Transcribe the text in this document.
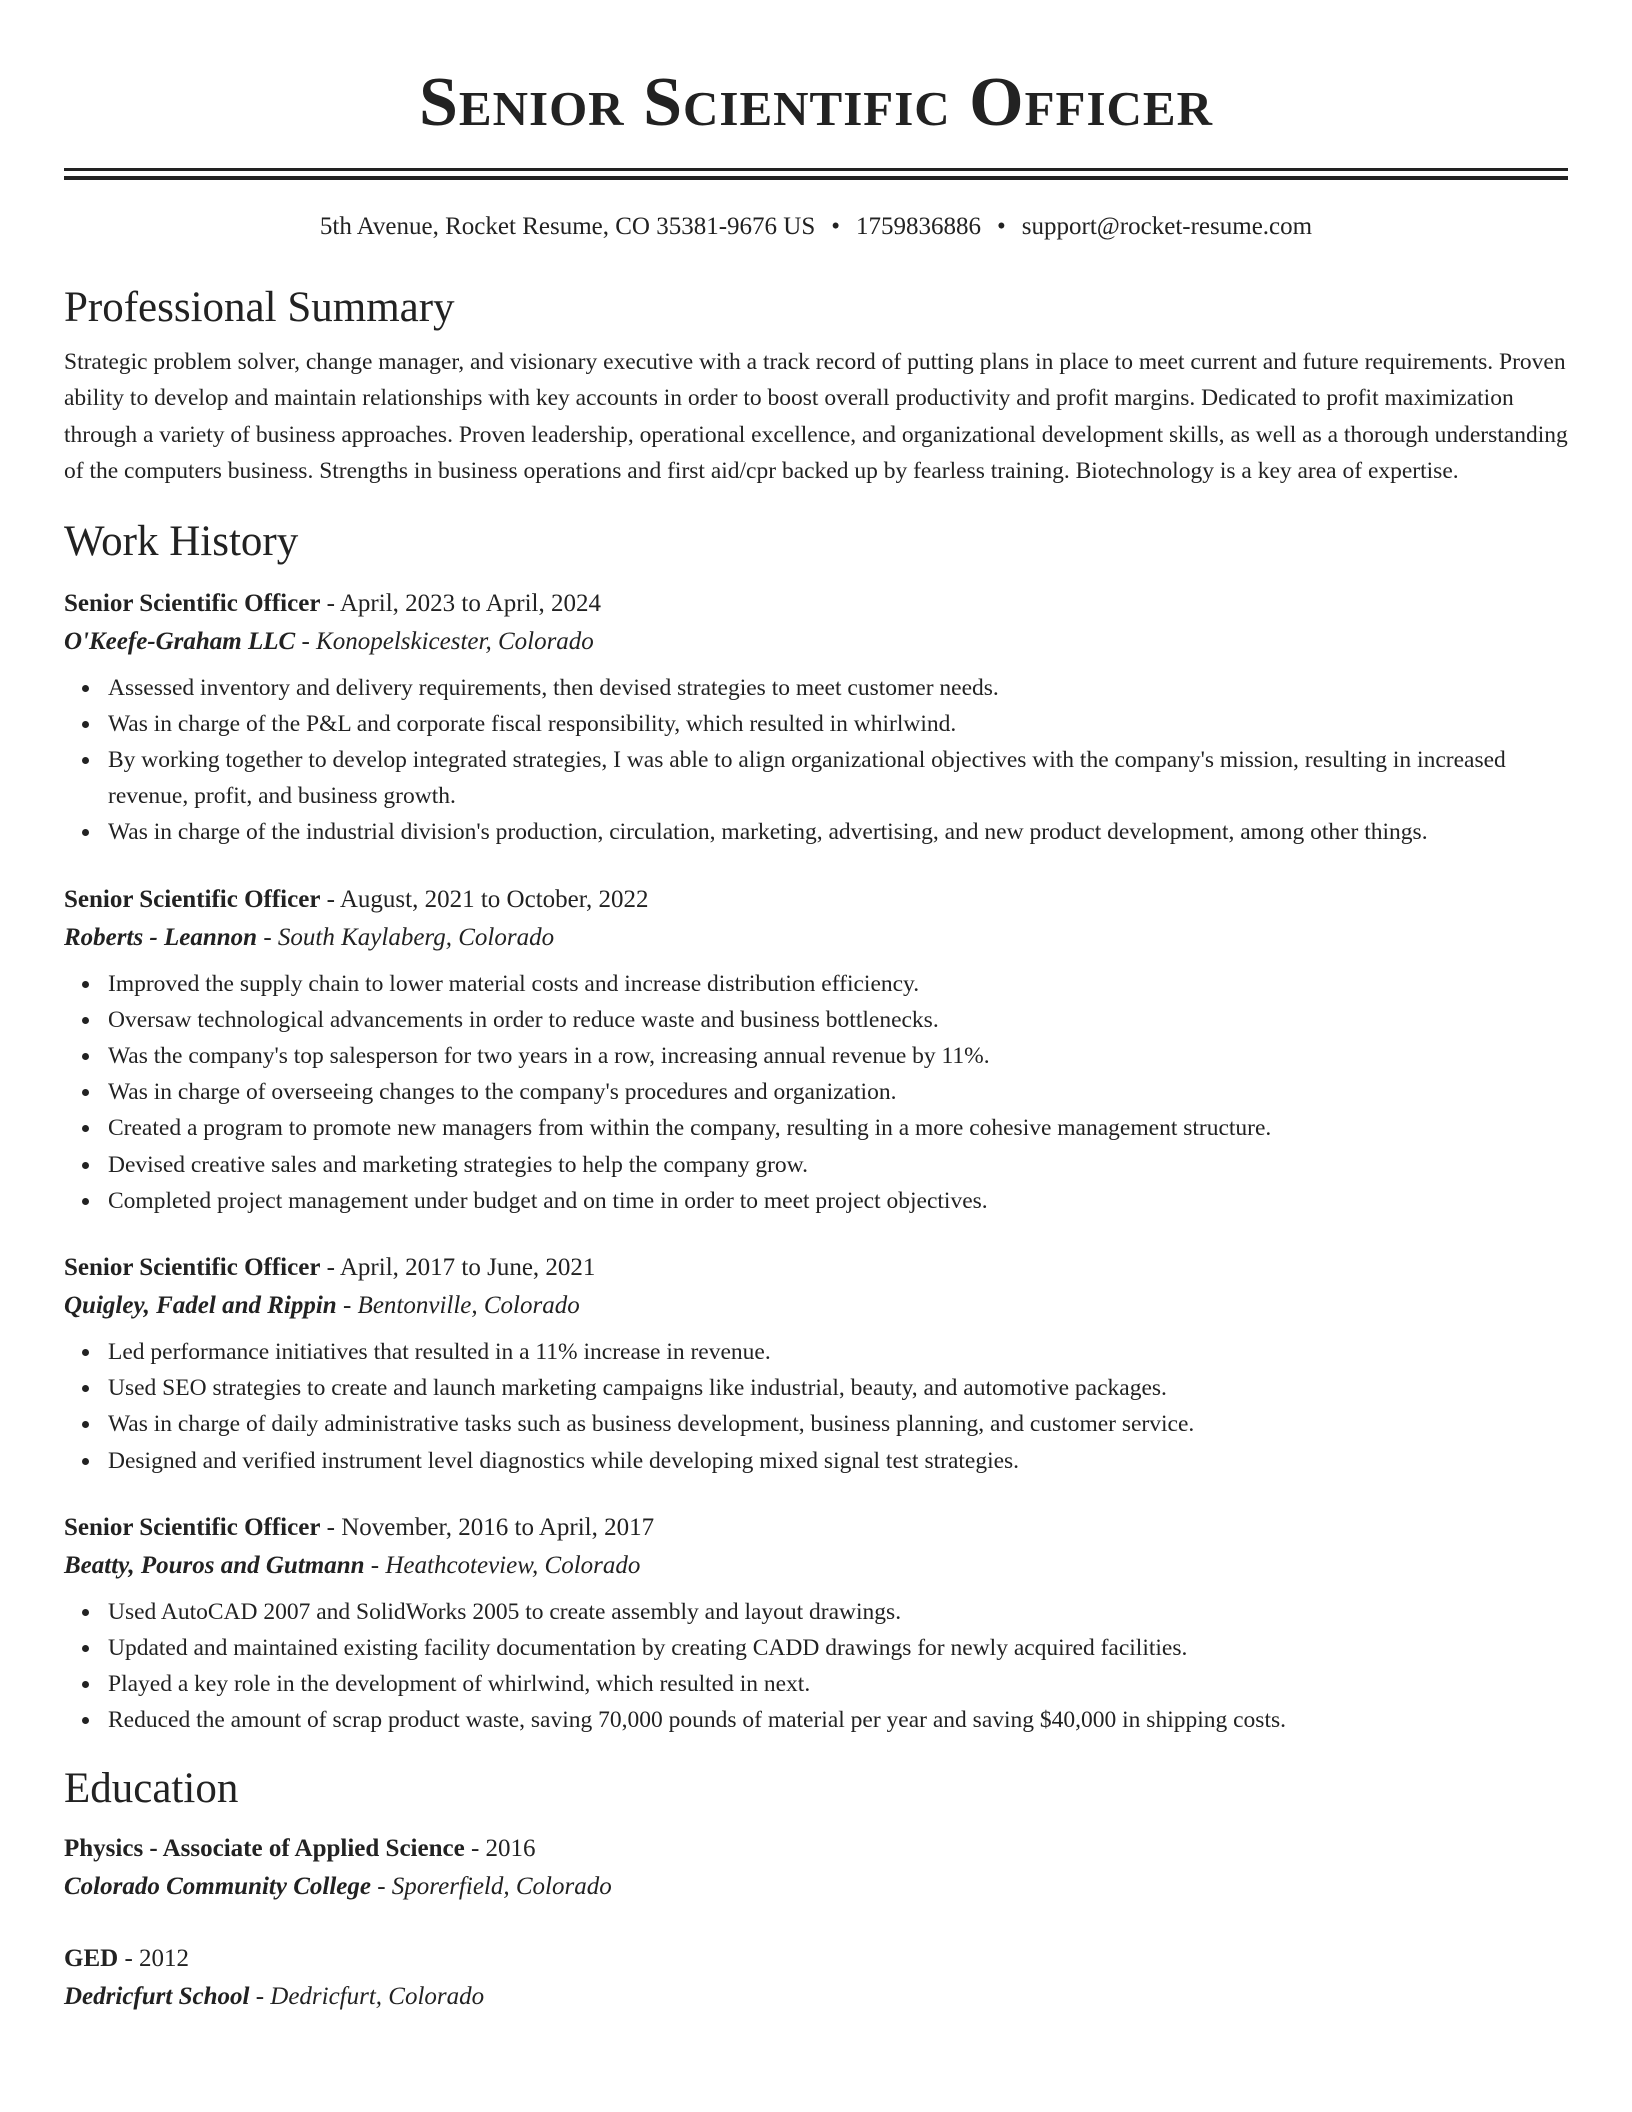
Senior Scientific Officer
5th Avenue, Rocket Resume, CO 35381-9676 US • 1759836886 • support@rocket-resume.com
Professional Summary
Strategic problem solver, change manager, and visionary executive with a track record of putting plans in place to meet current and future requirements. Proven ability to develop and maintain relationships with key accounts in order to boost overall productivity and profit margins. Dedicated to profit maximization through a variety of business approaches. Proven leadership, operational excellence, and organizational development skills, as well as a thorough understanding of the computers business. Strengths in business operations and first aid/cpr backed up by fearless training. Biotechnology is a key area of expertise.
Work History
Senior Scientific Officer - April, 2023 to April, 2024
O'Keefe-Graham LLC - Konopelskicester, Colorado
Assessed inventory and delivery requirements, then devised strategies to meet customer needs.
Was in charge of the P&L and corporate fiscal responsibility, which resulted in whirlwind.
By working together to develop integrated strategies, I was able to align organizational objectives with the company's mission, resulting in increased revenue, profit, and business growth.
Was in charge of the industrial division's production, circulation, marketing, advertising, and new product development, among other things.
Senior Scientific Officer - August, 2021 to October, 2022
Roberts - Leannon - South Kaylaberg, Colorado
Improved the supply chain to lower material costs and increase distribution efficiency.
Oversaw technological advancements in order to reduce waste and business bottlenecks.
Was the company's top salesperson for two years in a row, increasing annual revenue by 11%.
Was in charge of overseeing changes to the company's procedures and organization.
Created a program to promote new managers from within the company, resulting in a more cohesive management structure.
Devised creative sales and marketing strategies to help the company grow.
Completed project management under budget and on time in order to meet project objectives.
Senior Scientific Officer - April, 2017 to June, 2021
Quigley, Fadel and Rippin - Bentonville, Colorado
Led performance initiatives that resulted in a 11% increase in revenue.
Used SEO strategies to create and launch marketing campaigns like industrial, beauty, and automotive packages.
Was in charge of daily administrative tasks such as business development, business planning, and customer service.
Designed and verified instrument level diagnostics while developing mixed signal test strategies.
Senior Scientific Officer - November, 2016 to April, 2017
Beatty, Pouros and Gutmann - Heathcoteview, Colorado
Used AutoCAD 2007 and SolidWorks 2005 to create assembly and layout drawings.
Updated and maintained existing facility documentation by creating CADD drawings for newly acquired facilities.
Played a key role in the development of whirlwind, which resulted in next.
Reduced the amount of scrap product waste, saving 70,000 pounds of material per year and saving $40,000 in shipping costs.
Education
Physics - Associate of Applied Science - 2016
Colorado Community College - Sporerfield, Colorado
GED - 2012
Dedricfurt School - Dedricfurt, Colorado
